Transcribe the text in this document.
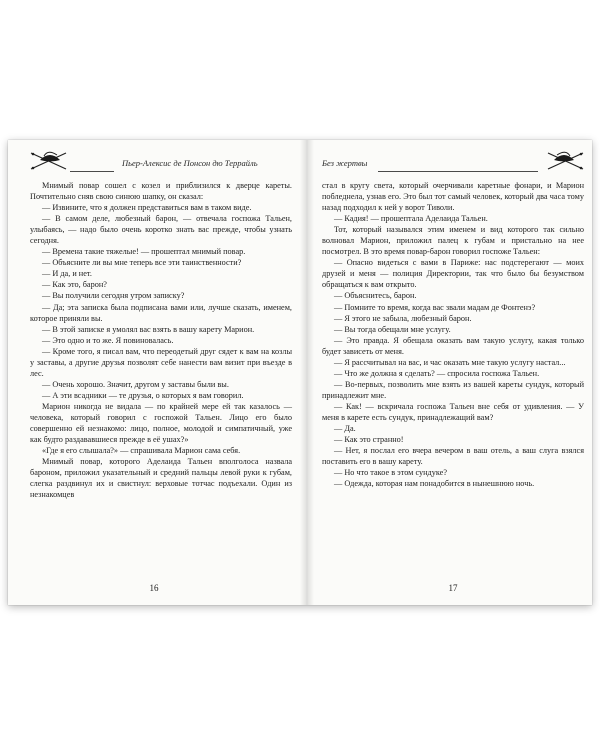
Пьер-Алексис де Понсон дю Террайль

Мнимый повар сошел с козел и приблизился к дверце кареты. Почтительно сняв свою синюю шапку, он сказал:

— Извините, что я должен представиться вам в таком виде.

— В самом деле, любезный барон, — отвечала госпожа Тальен, улыбаясь, — надо было очень коротко знать вас прежде, чтобы узнать сегодня.

— Времена такие тяжелые! — прошептал мнимый повар.

— Объясните ли вы мне теперь все эти таинственности?

— И да, и нет.

— Как это, барон?

— Вы получили сегодня утром записку?

— Да; эта записка была подписана вами или, лучше сказать, именем, которое приняли вы.

— В этой записке я умолял вас взять в вашу карету Марион.

— Это одно и то же. Я повиновалась.

— Кроме того, я писал вам, что переодетый друг сядет к вам на козлы у заставы, а другие друзья позволят себе нанести вам визит при въезде в лес.

— Очень хорошо. Значит, другом у заставы были вы.

— А эти всадники — те друзья, о которых я вам говорил.

Марион никогда не видала — по крайней мере ей так казалось — человека, который говорил с госпожой Тальен. Лицо его было совершенно ей незнакомо: лицо, полное, молодой и симпатичный, уже как будто раздававшиеся прежде в её ушах?»

«Где я его слышала?» — спрашивала Марион сама себя.

Мнимый повар, которого Аделаида Тальен вполголоса назвала бароном, приложил указательный и средний пальцы левой руки к губам, слегка раздвинул их и свистнул: верховые тотчас подъехали. Один из незнакомцев

16
Без жертвы

стал в кругу света, который очерчивали каретные фонари, и Марион побледнела, узнав его. Это был тот самый человек, который два часа тому назад подходил к ней у ворот Тиволи.

— Кадия! — прошептала Аделаида Тальен.

Тот, который назывался этим именем и вид которого так сильно волновал Марион, приложил палец к губам и пристально на нее посмотрел. В это время повар-барон говорил госпоже Тальен:

— Опасно видеться с вами в Париже: нас подстерегают — моих друзей и меня — полиция Директории, так что было бы безумством обращаться к вам открыто.

— Объяснитесь, барон.

— Помните то время, когда вас звали мадам де Фонтенэ?

— Я этого не забыла, любезный барон.

— Вы тогда обещали мне услугу.

— Это правда. Я обещала оказать вам такую услугу, какая только будет зависеть от меня.

— Я рассчитывал на вас, и час оказать мне такую услугу настал...

— Что же должна я сделать? — спросила госпожа Тальен.

— Во-первых, позволить мне взять из вашей кареты сундук, который принадлежит мне.

— Как! — вскричала госпожа Тальен вне себя от удивления. — У меня в карете есть сундук, принадлежащий вам?

— Да.

— Как это странно!

— Нет, я послал его вчера вечером в ваш отель, а ваш слуга взялся поставить его в вашу карету.

— Но что такое в этом сундуке?

— Одежда, которая нам понадобится в нынешнюю ночь.

17
